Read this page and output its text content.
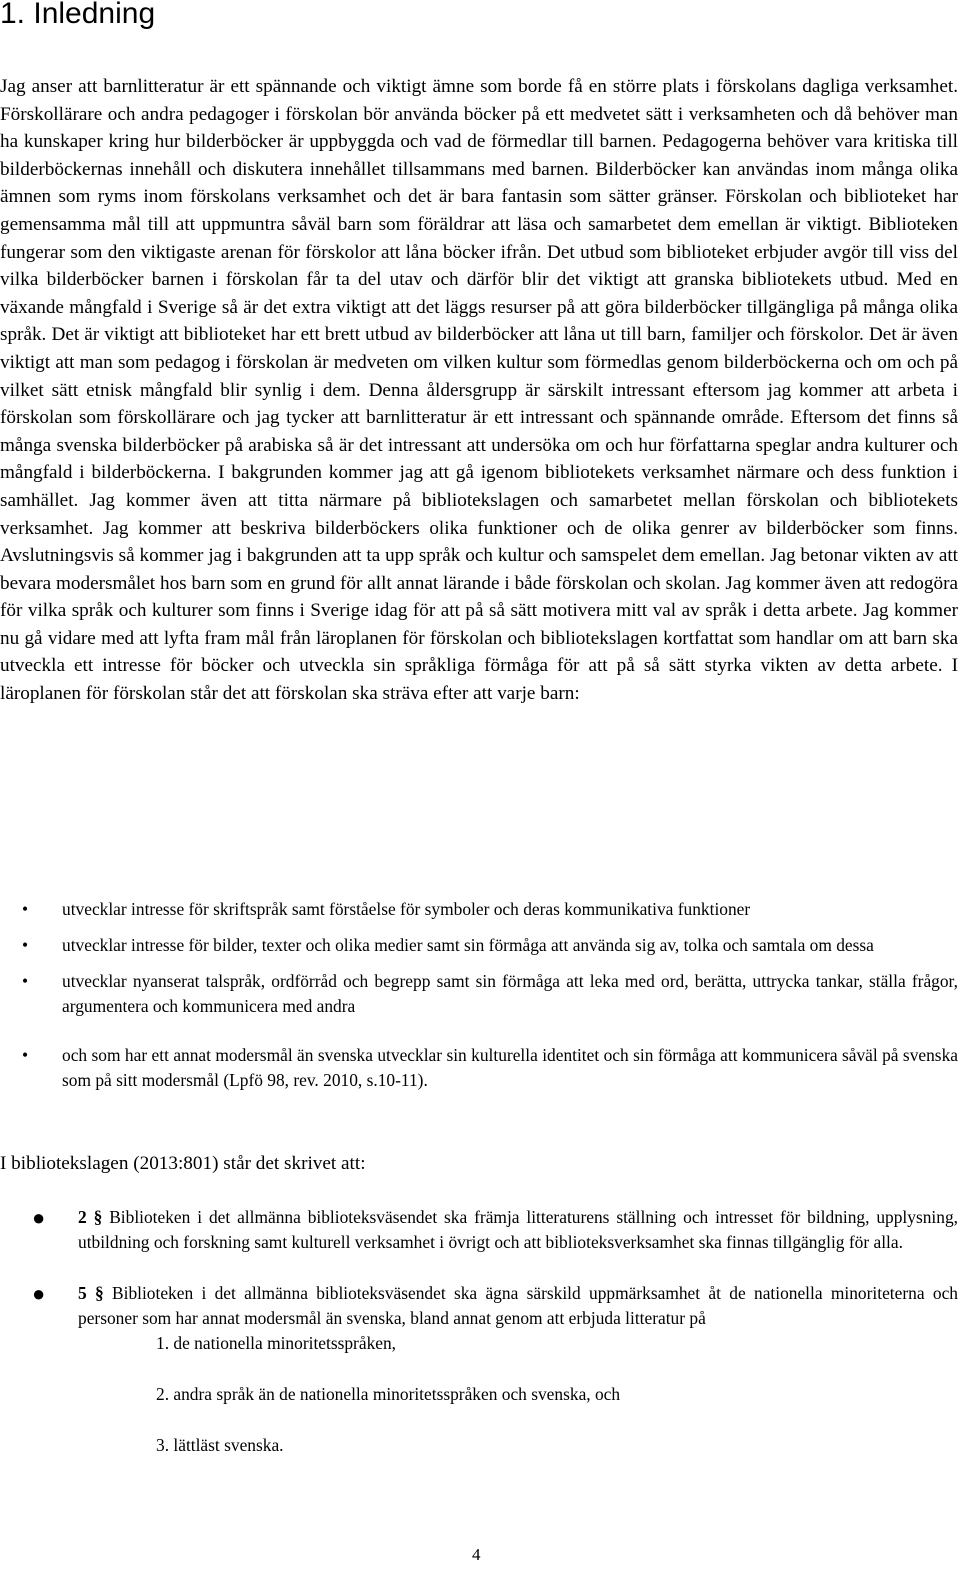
1. Inledning

Jag anser att barnlitteratur är ett spännande och viktigt ämne som borde få en större plats i förskolans dagliga verksamhet. Förskollärare och andra pedagoger i förskolan bör använda böcker på ett medvetet sätt i verksamheten och då behöver man ha kunskaper kring hur bilderböcker är uppbyggda och vad de förmedlar till barnen. Pedagogerna behöver vara kritiska till bilderböckernas innehåll och diskutera innehållet tillsammans med barnen. Bilderböcker kan användas inom många olika ämnen som ryms inom förskolans verksamhet och det är bara fantasin som sätter gränser. Förskolan och biblioteket har gemensamma mål till att uppmuntra såväl barn som föräldrar att läsa och samarbetet dem emellan är viktigt. Biblioteken fungerar som den viktigaste arenan för förskolor att låna böcker ifrån. Det utbud som biblioteket erbjuder avgör till viss del vilka bilderböcker barnen i förskolan får ta del utav och därför blir det viktigt att granska bibliotekets utbud. Med en växande mångfald i Sverige så är det extra viktigt att det läggs resurser på att göra bilderböcker tillgängliga på många olika språk. Det är viktigt att biblioteket har ett brett utbud av bilderböcker att låna ut till barn, familjer och förskolor. Det är även viktigt att man som pedagog i förskolan är medveten om vilken kultur som förmedlas genom bilderböckerna och om och på vilket sätt etnisk mångfald blir synlig i dem. Denna åldersgrupp är särskilt intressant eftersom jag kommer att arbeta i förskolan som förskollärare och jag tycker att barnlitteratur är ett intressant och spännande område. Eftersom det finns så många svenska bilderböcker på arabiska så är det intressant att undersöka om och hur författarna speglar andra kulturer och mångfald i bilderböckerna. I bakgrunden kommer jag att gå igenom bibliotekets verksamhet närmare och dess funktion i samhället. Jag kommer även att titta närmare på bibliotekslagen och samarbetet mellan förskolan och bibliotekets verksamhet. Jag kommer att beskriva bilderböckers olika funktioner och de olika genrer av bilderböcker som finns. Avslutningsvis så kommer jag i bakgrunden att ta upp språk och kultur och samspelet dem emellan. Jag betonar vikten av att bevara modersmålet hos barn som en grund för allt annat lärande i både förskolan och skolan. Jag kommer även att redogöra för vilka språk och kulturer som finns i Sverige idag för att på så sätt motivera mitt val av språk i detta arbete. Jag kommer nu gå vidare med att lyfta fram mål från läroplanen för förskolan och bibliotekslagen kortfattat som handlar om att barn ska utveckla ett intresse för böcker och utveckla sin språkliga förmåga för att på så sätt styrka vikten av detta arbete. I läroplanen för förskolan står det att förskolan ska sträva efter att varje barn:

• utvecklar intresse för skriftspråk samt förståelse för symboler och deras kommunikativa funktioner
• utvecklar intresse för bilder, texter och olika medier samt sin förmåga att använda sig av, tolka och samtala om dessa
• utvecklar nyanserat talspråk, ordförråd och begrepp samt sin förmåga att leka med ord, berätta, uttrycka tankar, ställa frågor, argumentera och kommunicera med andra
• och som har ett annat modersmål än svenska utvecklar sin kulturella identitet och sin förmåga att kommunicera såväl på svenska som på sitt modersmål (Lpfö 98, rev. 2010, s.10-11).

I bibliotekslagen (2013:801) står det skrivet att:

● 2 § Biblioteken i det allmänna biblioteksväsendet ska främja litteraturens ställning och intresset för bildning, upplysning, utbildning och forskning samt kulturell verksamhet i övrigt och att biblioteksverksamhet ska finnas tillgänglig för alla.
● 5 § Biblioteken i det allmänna biblioteksväsendet ska ägna särskild uppmärksamhet åt de nationella minoriteterna och personer som har annat modersmål än svenska, bland annat genom att erbjuda litteratur på
1. de nationella minoritetsspråken,
2. andra språk än de nationella minoritetsspråken och svenska, och
3. lättläst svenska.
4
